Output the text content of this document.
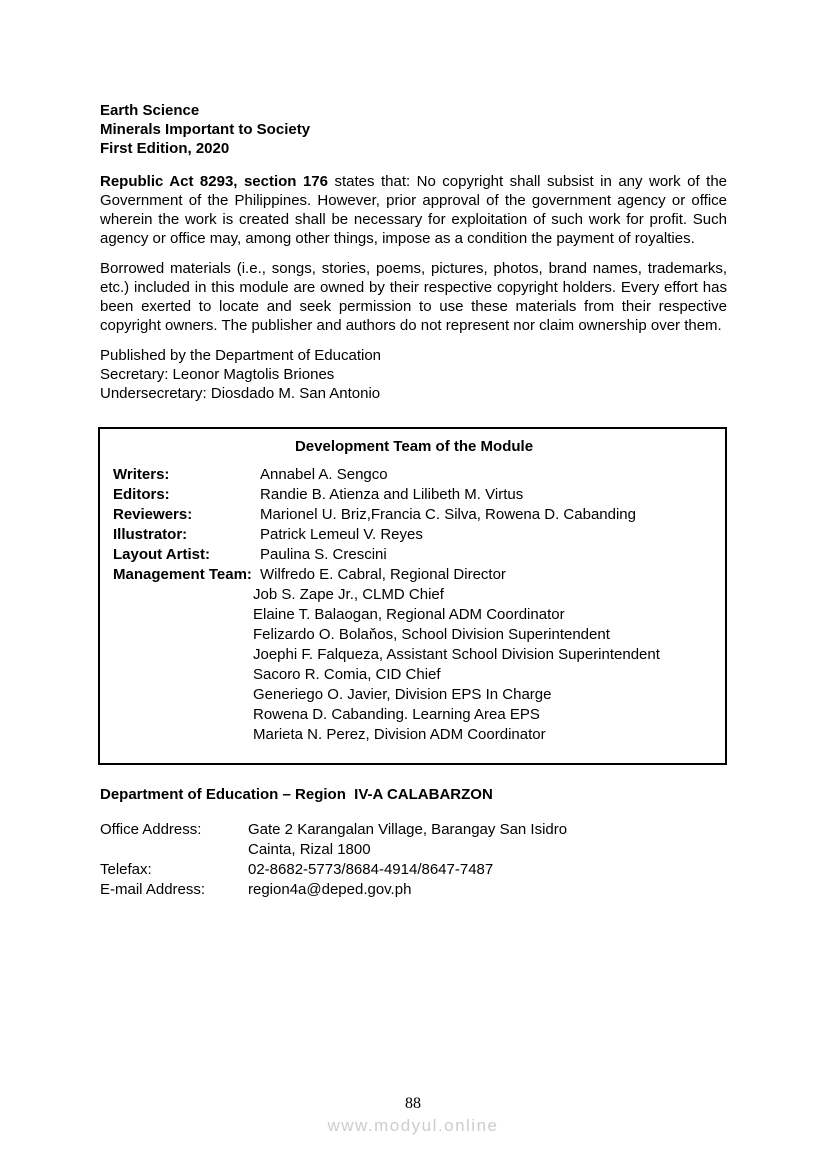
Earth Science
Minerals Important to Society
First Edition, 2020

Republic Act 8293, section 176 states that: No copyright shall subsist in any work of the Government of the Philippines. However, prior approval of the government agency or office wherein the work is created shall be necessary for exploitation of such work for profit. Such agency or office may, among other things, impose as a condition the payment of royalties.

Borrowed materials (i.e., songs, stories, poems, pictures, photos, brand names, trademarks, etc.) included in this module are owned by their respective copyright holders. Every effort has been exerted to locate and seek permission to use these materials from their respective copyright owners. The publisher and authors do not represent nor claim ownership over them.

Published by the Department of Education
Secretary: Leonor Magtolis Briones
Undersecretary: Diosdado M. San Antonio
Development Team of the Module
Writers:	Annabel A. Sengco
Editors:	Randie B. Atienza and Lilibeth M. Virtus
Reviewers:	Marionel U. Briz,Francia C. Silva, Rowena D. Cabanding
Illustrator:	Patrick Lemeul V. Reyes
Layout Artist:	Paulina S. Crescini
Management Team: Wilfredo E. Cabral, Regional Director
Job S. Zape Jr., CLMD Chief
Elaine T. Balaogan, Regional ADM Coordinator
Felizardo O. Bolaňos, School Division Superintendent
Joephi F. Falqueza, Assistant School Division Superintendent
Sacoro R. Comia, CID Chief
Generiego O. Javier, Division EPS In Charge
Rowena D. Cabanding. Learning Area EPS
Marieta N. Perez, Division ADM Coordinator
Department of Education – Region  IV-A CALABARZON
Office Address:	Gate 2 Karangalan Village, Barangay San Isidro
Cainta, Rizal 1800
Telefax:	02-8682-5773/8684-4914/8647-7487
E-mail Address:	region4a@deped.gov.ph
88
www.modyul.online
